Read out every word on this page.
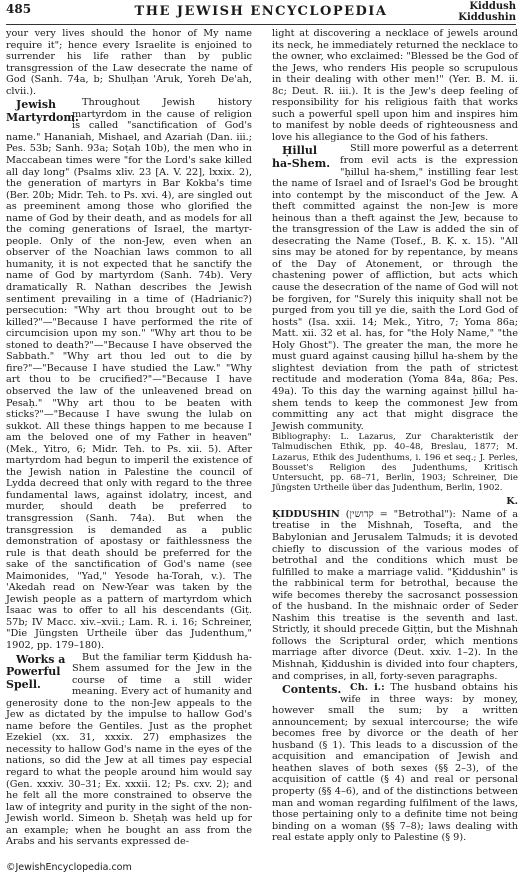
485	THE JEWISH ENCYCLOPEDIA	Kiddush
Kiddushin

your very lives should the honor of My name require it"; hence every Israelite is enjoined to surrender his life rather than by public transgression of the Law desecrate the name of God (Sanh. 74a, b; Shulḥan 'Aruk, Yoreh De'ah, clvii.).

Jewish Martyrdom.
Throughout Jewish history martyrdom in the cause of religion is called "sanctification of God's name." Hananiah, Mishael, and Azariah (Dan. iii.; Pes. 53b; Sanh. 93a; Soṭah 10b), the men who in Maccabean times were "for the Lord's sake killed all day long" (Psalms xliv. 23 [A. V. 22], lxxix. 2), the generation of martyrs in Bar Kokba's time (Ber. 20b; Midr. Teh. to Ps. xvi. 4), are singled out as preeminent among those who glorified the name of God by their death, and as models for all the coming generations of Israel, the martyr-people. Only of the non-Jew, even when an observer of the Noachian laws common to all humanity, it is not expected that he sanctify the name of God by martyrdom (Sanh. 74b). Very dramatically R. Nathan describes the Jewish sentiment prevailing in a time of (Hadrianic?) persecution: "Why art thou brought out to be killed?"—"Because I have performed the rite of circumcision upon my son." "Why art thou to be stoned to death?"—"Because I have observed the Sabbath." "Why art thou led out to die by fire?"—"Because I have studied the Law." "Why art thou to be crucified?"—"Because I have observed the law of the unleavened bread on Pesaḥ." "Why art thou to be beaten with sticks?"—"Because I have swung the lulab on sukkot. All these things happen to me because I am the beloved one of my Father in heaven" (Mek., Yitro, 6; Midr. Teh. to Ps. xii. 5). After martyrdom had begun to imperil the existence of the Jewish nation in Palestine the council of Lydda decreed that only with regard to the three fundamental laws, against idolatry, incest, and murder, should death be preferred to transgression (Sanh. 74a). But when the transgression is demanded as a public demonstration of apostasy or faithlessness the rule is that death should be preferred for the sake of the sanctification of God's name (see Maimonides, "Yad," Yesode ha-Torah, v.). The 'Akedah read on New-Year was taken by the Jewish people as a pattern of martyrdom which Isaac was to offer to all his descendants (Giṭ. 57b; IV Macc. xiv.–xvii.; Lam. R. i. 16; Schreiner, "Die Jüngsten Urtheile über das Judenthum," 1902, pp. 179–180).

Works a Powerful Spell.
But the familiar term Ḳiddush ha-Shem assumed for the Jew in the course of time a still wider meaning. Every act of humanity and generosity done to the non-Jew appeals to the Jew as dictated by the impulse to hallow God's name before the Gentiles. Just as the prophet Ezekiel (xx. 31, xxxix. 27) emphasizes the necessity to hallow God's name in the eyes of the nations, so did the Jew at all times pay especial regard to what the people around him would say (Gen. xxxiv. 30–31; Ex. xxxii. 12; Ps. cxv. 2); and he felt all the more constrained to observe the law of integrity and purity in the sight of the non-Jewish world. Simeon b. Sheṭaḥ was held up for an example; when he bought an ass from the Arabs and his servants expressed de-

light at discovering a necklace of jewels around its neck, he immediately returned the necklace to the owner, who exclaimed: "Blessed be the God of the Jews, who renders His people so scrupulous in their dealing with other men!" (Yer. B. M. ii. 8c; Deut. R. iii.). It is the Jew's deep feeling of responsibility for his religious faith that works such a powerful spell upon him and inspires him to manifest by noble deeds of righteousness and love his allegiance to the God of his fathers.

Ḥillul ha-Shem.
Still more powerful as a deterrent from evil acts is the expression "ḥillul ha-shem," instilling fear lest the name of Israel and of Israel's God be brought into contempt by the misconduct of the Jew. A theft committed against the non-Jew is more heinous than a theft against the Jew, because to the transgression of the Law is added the sin of desecrating the Name (Tosef., B. Ḳ. x. 15). "All sins may be atoned for by repentance, by means of the Day of Atonement, or through the chastening power of affliction, but acts which cause the desecration of the name of God will not be forgiven, for "Surely this iniquity shall not be purged from you till ye die, saith the Lord God of hosts" (Isa. xxii. 14; Mek., Yitro, 7; Yoma 86a; Matt. xii. 32 et al. has, for "the Holy Name," "the Holy Ghost"). The greater the man, the more he must guard against causing ḥillul ha-shem by the slightest deviation from the path of strictest rectitude and moderation (Yoma 84a, 86a; Pes. 49a). To this day the warning against ḥillul ha-shem tends to keep the commonest Jew from committing any act that might disgrace the Jewish community.

Bibliography: L. Lazarus, Zur Charakteristik der Talmudischen Ethik, pp. 40–48, Breslau, 1877; M. Lazarus, Ethik des Judenthums, i. 196 et seq.; J. Perles, Bousset's Religion des Judenthums, Kritisch Untersucht, pp. 68–71, Berlin, 1903; Schreiner, Die Jüngsten Urtheile über das Judenthum, Berlin, 1902.

K.

ḲIDDUSHIN (קדושין = "Betrothal"): Name of a treatise in the Mishnah, Tosefta, and the Babylonian and Jerusalem Talmuds; it is devoted chiefly to discussion of the various modes of betrothal and the conditions which must be fulfilled to make a marriage valid. "Ḳiddushin" is the rabbinical term for betrothal, because the wife becomes thereby the sacrosanct possession of the husband. In the mishnaic order of Seder Nashim this treatise is the seventh and last. Strictly, it should precede Giṭṭin, but the Mishnah follows the Scriptural order, which mentions marriage after divorce (Deut. xxiv. 1–2). In the Mishnah, Ḳiddushin is divided into four chapters, and comprises, in all, forty-seven paragraphs.

Ch. i.:
Contents.	The husband obtains his wife in three ways: by money, however small the sum; by a written announcement; by sexual intercourse; the wife becomes free by divorce or the death of her husband (§ 1). This leads to a discussion of the acquisition and emancipation of Jewish and heathen slaves of both sexes (§§ 2–3), of the acquisition of cattle (§ 4) and real or personal property (§§ 4–6), and of the distinctions between man and woman regarding fulfilment of the laws, those pertaining only to a definite time not being binding on a woman (§§ 7–8); laws dealing with real estate apply only to Palestine (§ 9).

©JewishEncyclopedia.com
